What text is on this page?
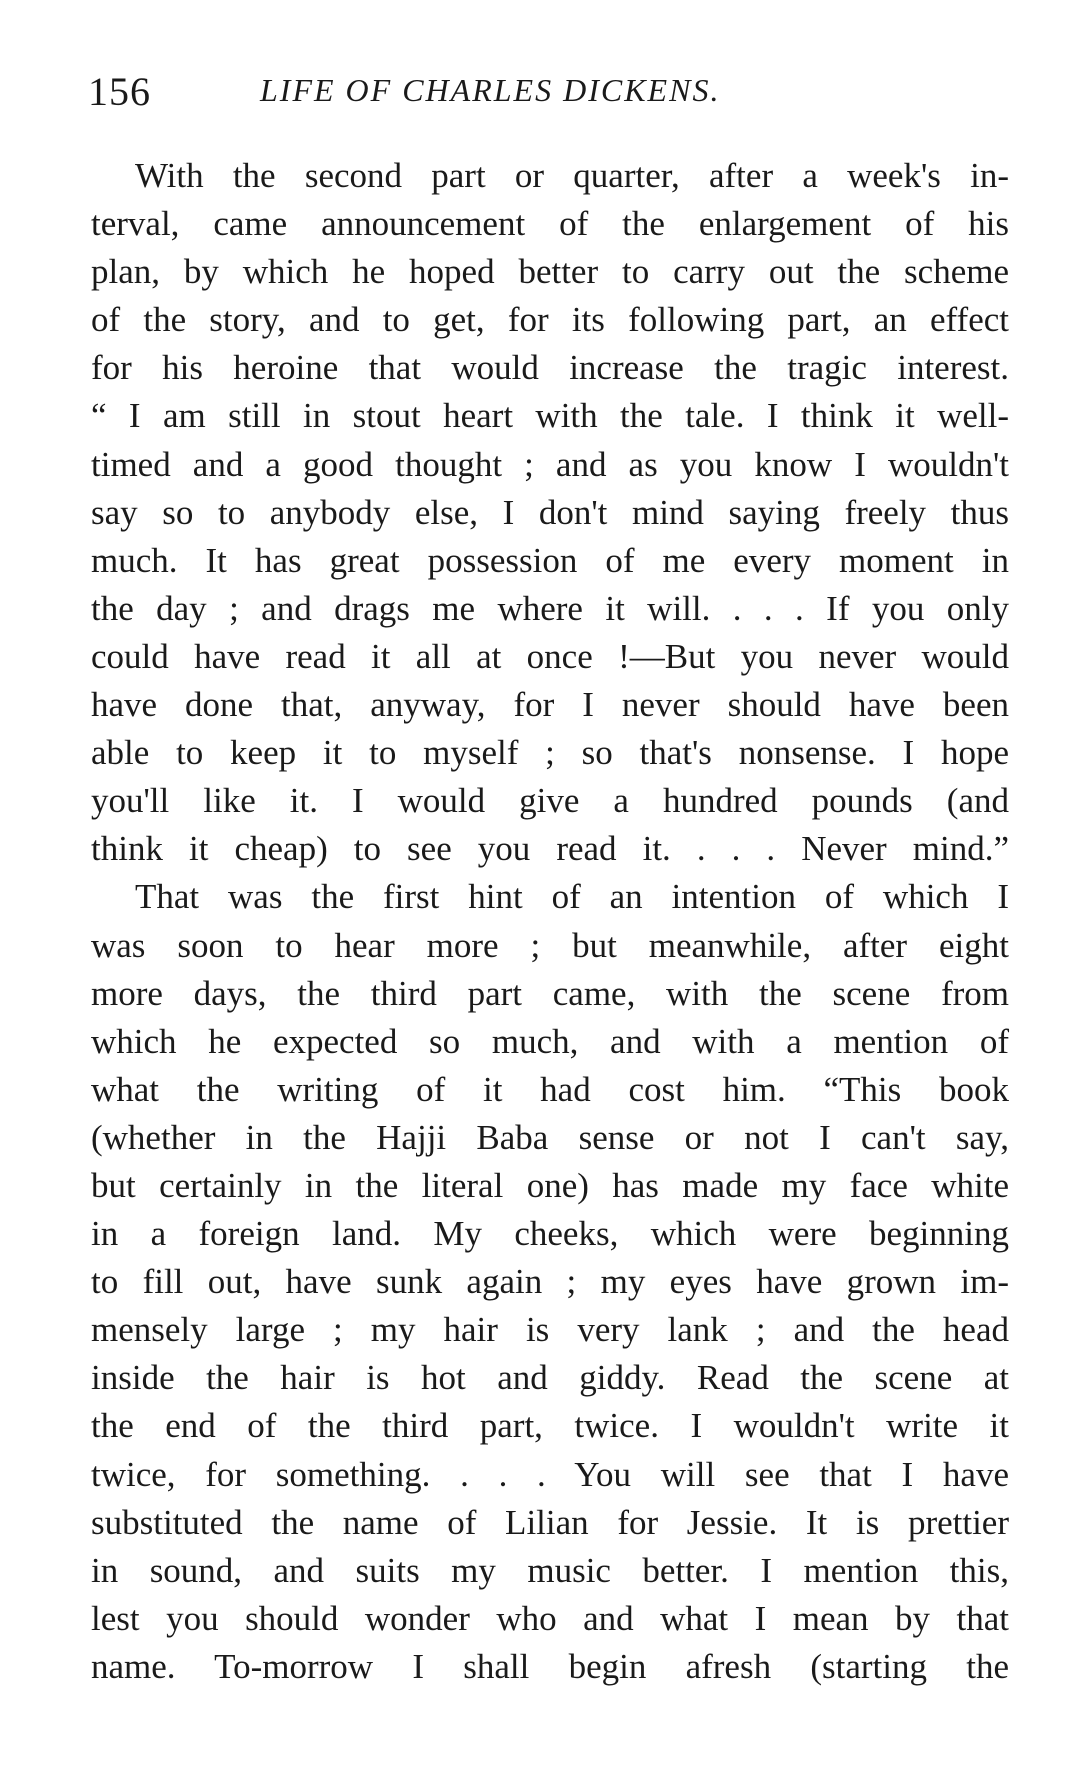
156	LIFE OF CHARLES DICKENS.
With the second part or quarter, after a week's in-
terval, came announcement of the enlargement of his
plan, by which he hoped better to carry out the scheme
of the story, and to get, for its following part, an effect
for his heroine that would increase the tragic interest.
“ I am still in stout heart with the tale. I think it well-
timed and a good thought ; and as you know I wouldn't
say so to anybody else, I don't mind saying freely thus
much. It has great possession of me every moment in
the day ; and drags me where it will. . . . If you only
could have read it all at once !—But you never would
have done that, anyway, for I never should have been
able to keep it to myself ; so that's nonsense. I hope
you'll like it. I would give a hundred pounds (and
think it cheap) to see you read it. . . . Never mind.”
That was the first hint of an intention of which I
was soon to hear more ; but meanwhile, after eight
more days, the third part came, with the scene from
which he expected so much, and with a mention of
what the writing of it had cost him. “This book
(whether in the Hajji Baba sense or not I can't say,
but certainly in the literal one) has made my face white
in a foreign land. My cheeks, which were beginning
to fill out, have sunk again ; my eyes have grown im-
mensely large ; my hair is very lank ; and the head
inside the hair is hot and giddy. Read the scene at
the end of the third part, twice. I wouldn't write it
twice, for something. . . . You will see that I have
substituted the name of Lilian for Jessie. It is prettier
in sound, and suits my music better. I mention this,
lest you should wonder who and what I mean by that
name. To-morrow I shall begin afresh (starting the
